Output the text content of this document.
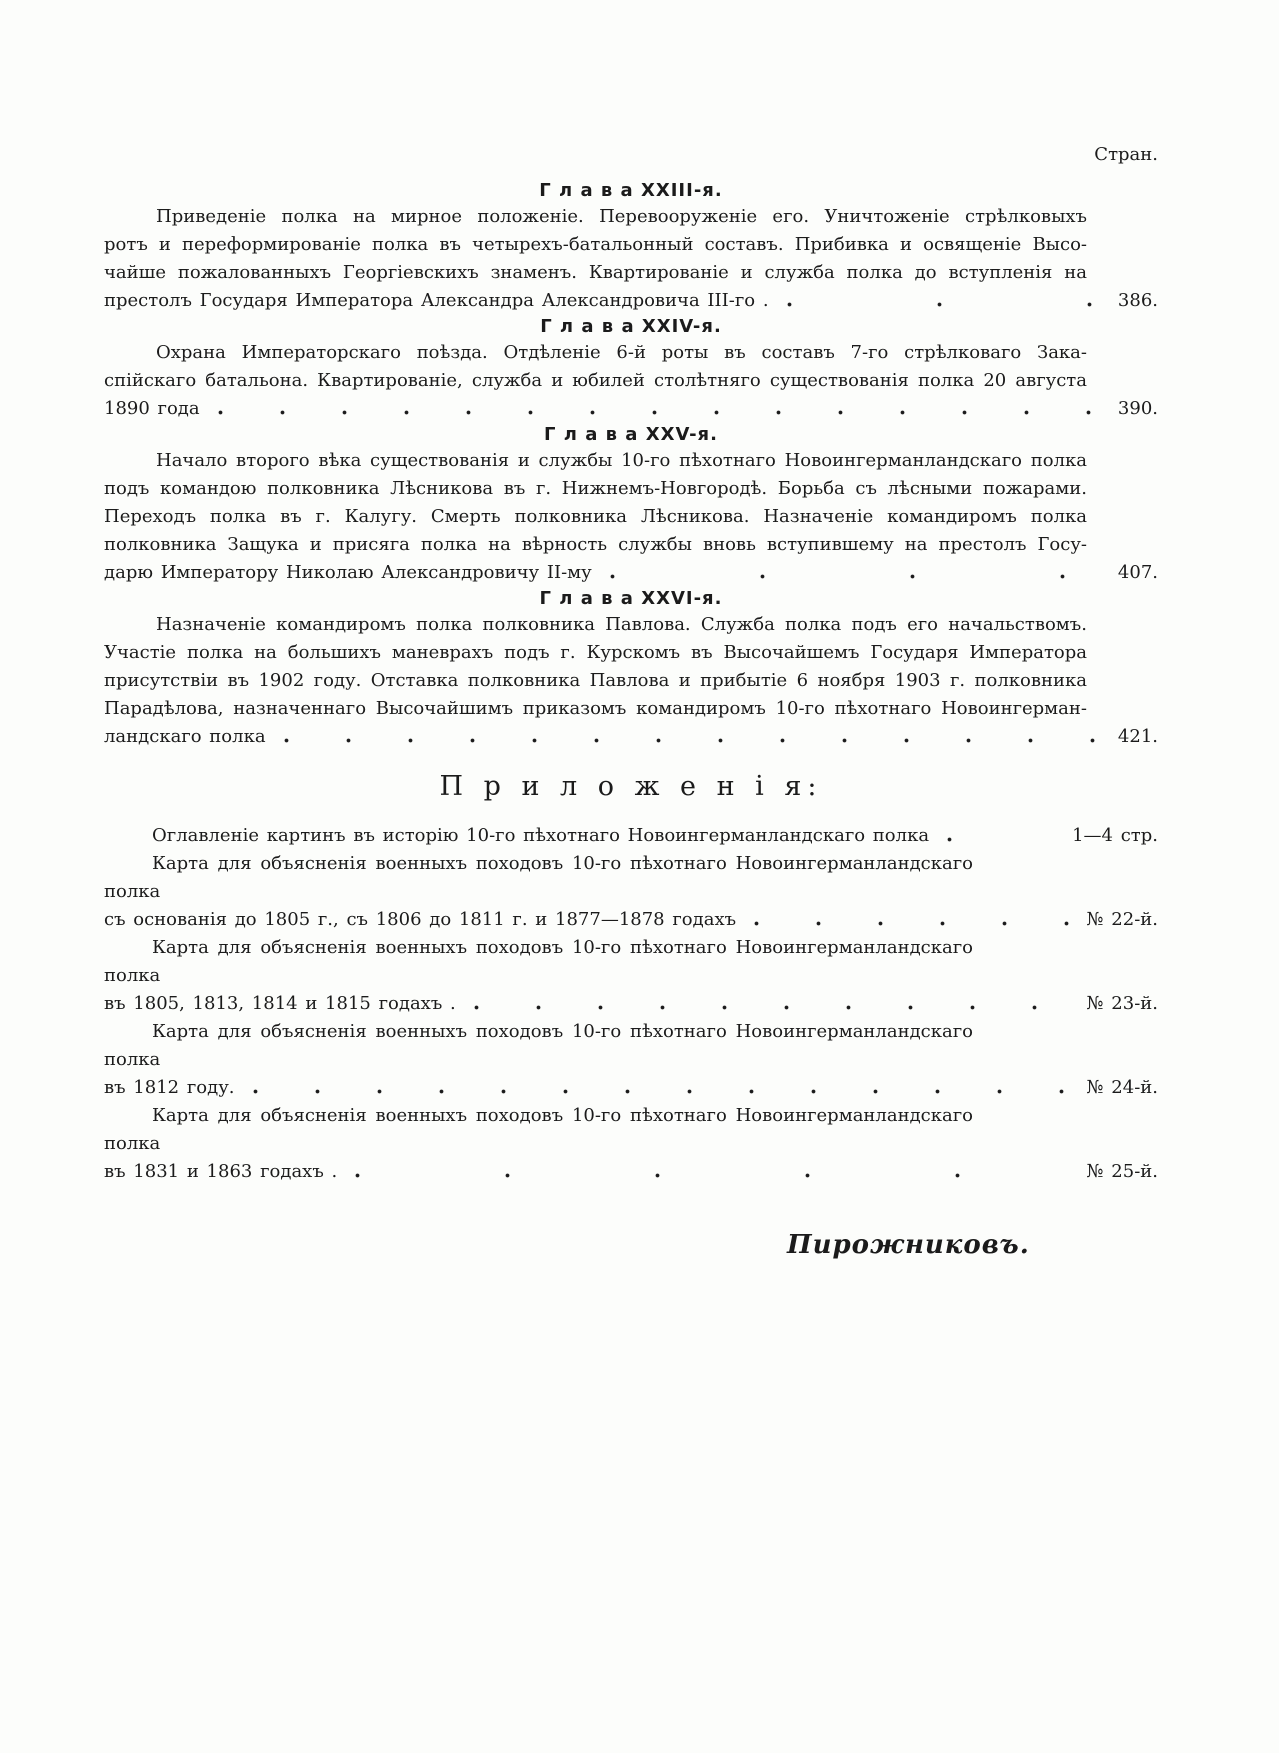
Стран.
Г л а в а XXIII-я.
Приведеніе полка на мирное положеніе. Перевооруженіе его. Уничтоженіе стрѣлковыхъ
ротъ и переформированіе полка въ четырехъ-батальонный составъ. Прибивка и освященіе Высо-
чайше пожалованныхъ Георгіевскихъ знаменъ. Квартированіе и служба полка до вступленія на
престолъ Государя Императора Александра Александровича III-го .	386.
Г л а в а XXIV-я.
Охрана Императорскаго поѣзда. Отдѣленіе 6-й роты въ составъ 7-го стрѣлковаго Зака-
спійскаго батальона. Квартированіе, служба и юбилей столѣтняго существованія полка 20 августа
1890 года	390.
Г л а в а XXV-я.
Начало второго вѣка существованія и службы 10-го пѣхотнаго Новоингерманландскаго полка
подъ командою полковника Лѣсникова въ г. Нижнемъ-Новгородѣ. Борьба съ лѣсными пожарами.
Переходъ полка въ г. Калугу. Смерть полковника Лѣсникова. Назначеніе командиромъ полка
полковника Защука и присяга полка на вѣрность службы вновь вступившему на престолъ Госу-
дарю Императору Николаю Александровичу II-му	407.
Г л а в а XXVI-я.
Назначеніе командиромъ полка полковника Павлова. Служба полка подъ его начальствомъ.
Участіе полка на большихъ маневрахъ подъ г. Курскомъ въ Высочайшемъ Государя Императора
присутствіи въ 1902 году. Отставка полковника Павлова и прибытіе 6 ноября 1903 г. полковника
Парадѣлова, назначеннаго Высочайшимъ приказомъ командиромъ 10-го пѣхотнаго Новоингерман-
ландскаго полка	421.
П р и л о ж е н і я:
Оглавленіе картинъ въ исторію 10-го пѣхотнаго Новоингерманландскаго полка	1—4 стр.
Карта для объясненія военныхъ походовъ 10-го пѣхотнаго Новоингерманландскаго полка
съ основанія до 1805 г., съ 1806 до 1811 г. и 1877—1878 годахъ	№ 22-й.
Карта для объясненія военныхъ походовъ 10-го пѣхотнаго Новоингерманландскаго полка
въ 1805, 1813, 1814 и 1815 годахъ .	№ 23-й.
Карта для объясненія военныхъ походовъ 10-го пѣхотнаго Новоингерманландскаго полка
въ 1812 году.	№ 24-й.
Карта для объясненія военныхъ походовъ 10-го пѣхотнаго Новоингерманландскаго полка
въ 1831 и 1863 годахъ .	№ 25-й.
Пирожниковъ.
